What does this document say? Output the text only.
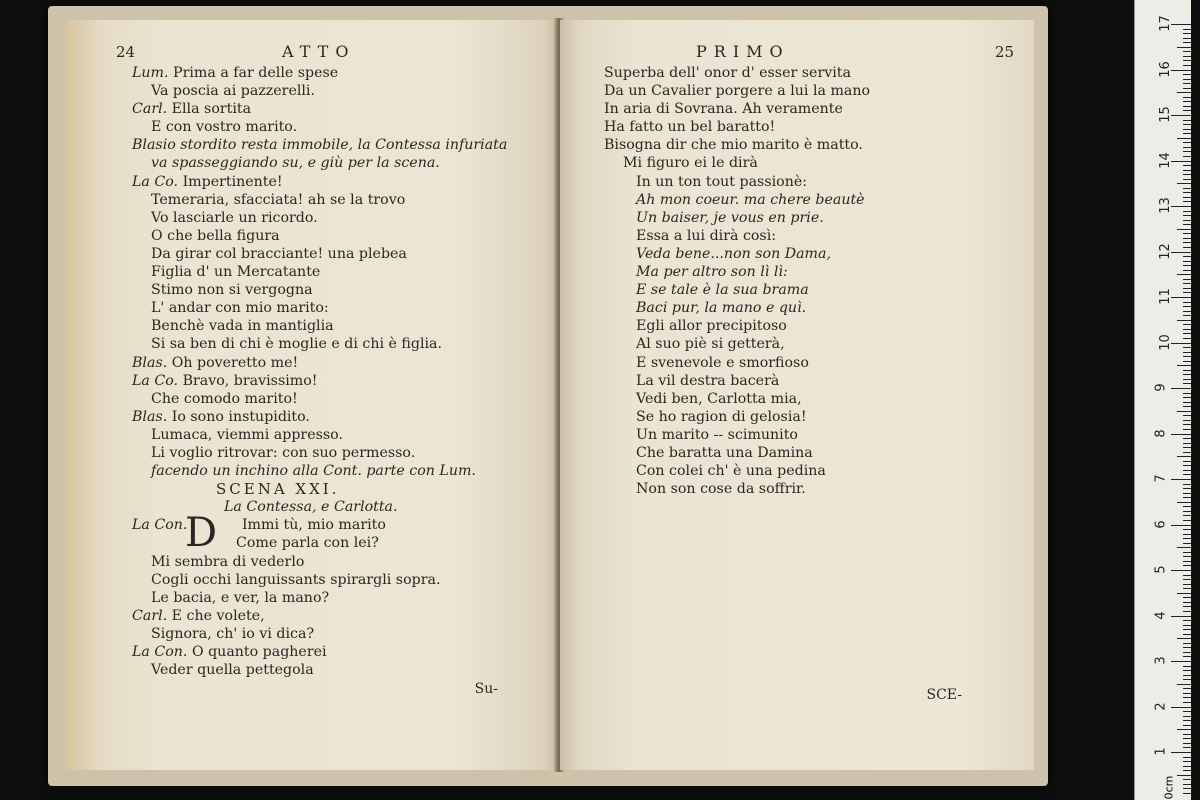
24	ATTO
Lum. Prima a far delle spese
Va poscia ai pazzerelli.
Carl. Ella sortita
E con vostro marito.
Blasio stordito resta immobile, la Contessa infuriata
va spasseggiando su, e giù per la scena.
La Co. Impertinente!
Temeraria, sfacciata! ah se la trovo
Vo lasciarle un ricordo.
O che bella figura
Da girar col bracciante! una plebea
Figlia d' un Mercatante
Stimo non si vergogna
L' andar con mio marito:
Benchè vada in mantiglia
Si sa ben di chi è moglie e di chi è figlia.
Blas. Oh poveretto me!
La Co. Bravo, bravissimo!
Che comodo marito!
Blas. Io sono instupidito.
Lumaca, viemmi appresso.
Li voglio ritrovar: con suo permesso.
facendo un inchino alla Cont. parte con Lum.
SCENA XXI.
La Contessa, e Carlotta.
D
La Con.	Immi tù, mio marito
Come parla con lei?
Mi sembra di vederlo
Cogli occhi languissants spirargli sopra.
Le bacia, e ver, la mano?
Carl. E che volete,
Signora, ch' io vi dica?
La Con. O quanto pagherei
Veder quella pettegola
Su-
PRIMO	25
Superba dell' onor d' esser servita
Da un Cavalier porgere a lui la mano
In aria di Sovrana. Ah veramente
Ha fatto un bel baratto!
Bisogna dir che mio marito è matto.
Mi figuro ei le dirà
In un ton tout passionè:
Ah mon coeur. ma chere beautè
Un baiser, je vous en prie.
Essa a lui dirà così:
Veda bene...non son Dama,
Ma per altro son lì lì:
E se tale è la sua brama
Baci pur, la mano e quì.
Egli allor precipitoso
Al suo piè si getterà,
E svenevole e smorfioso
La vil destra bacerà
Vedi ben, Carlotta mia,
Se ho ragion di gelosia!
Un marito -- scimunito
Che baratta una Damina
Con colei ch' è una pedina
Non son cose da soffrir.
SCE-
17
16
15
14
13
12
11
10
9
8
7
6
5
4
3
2
1
0cm
